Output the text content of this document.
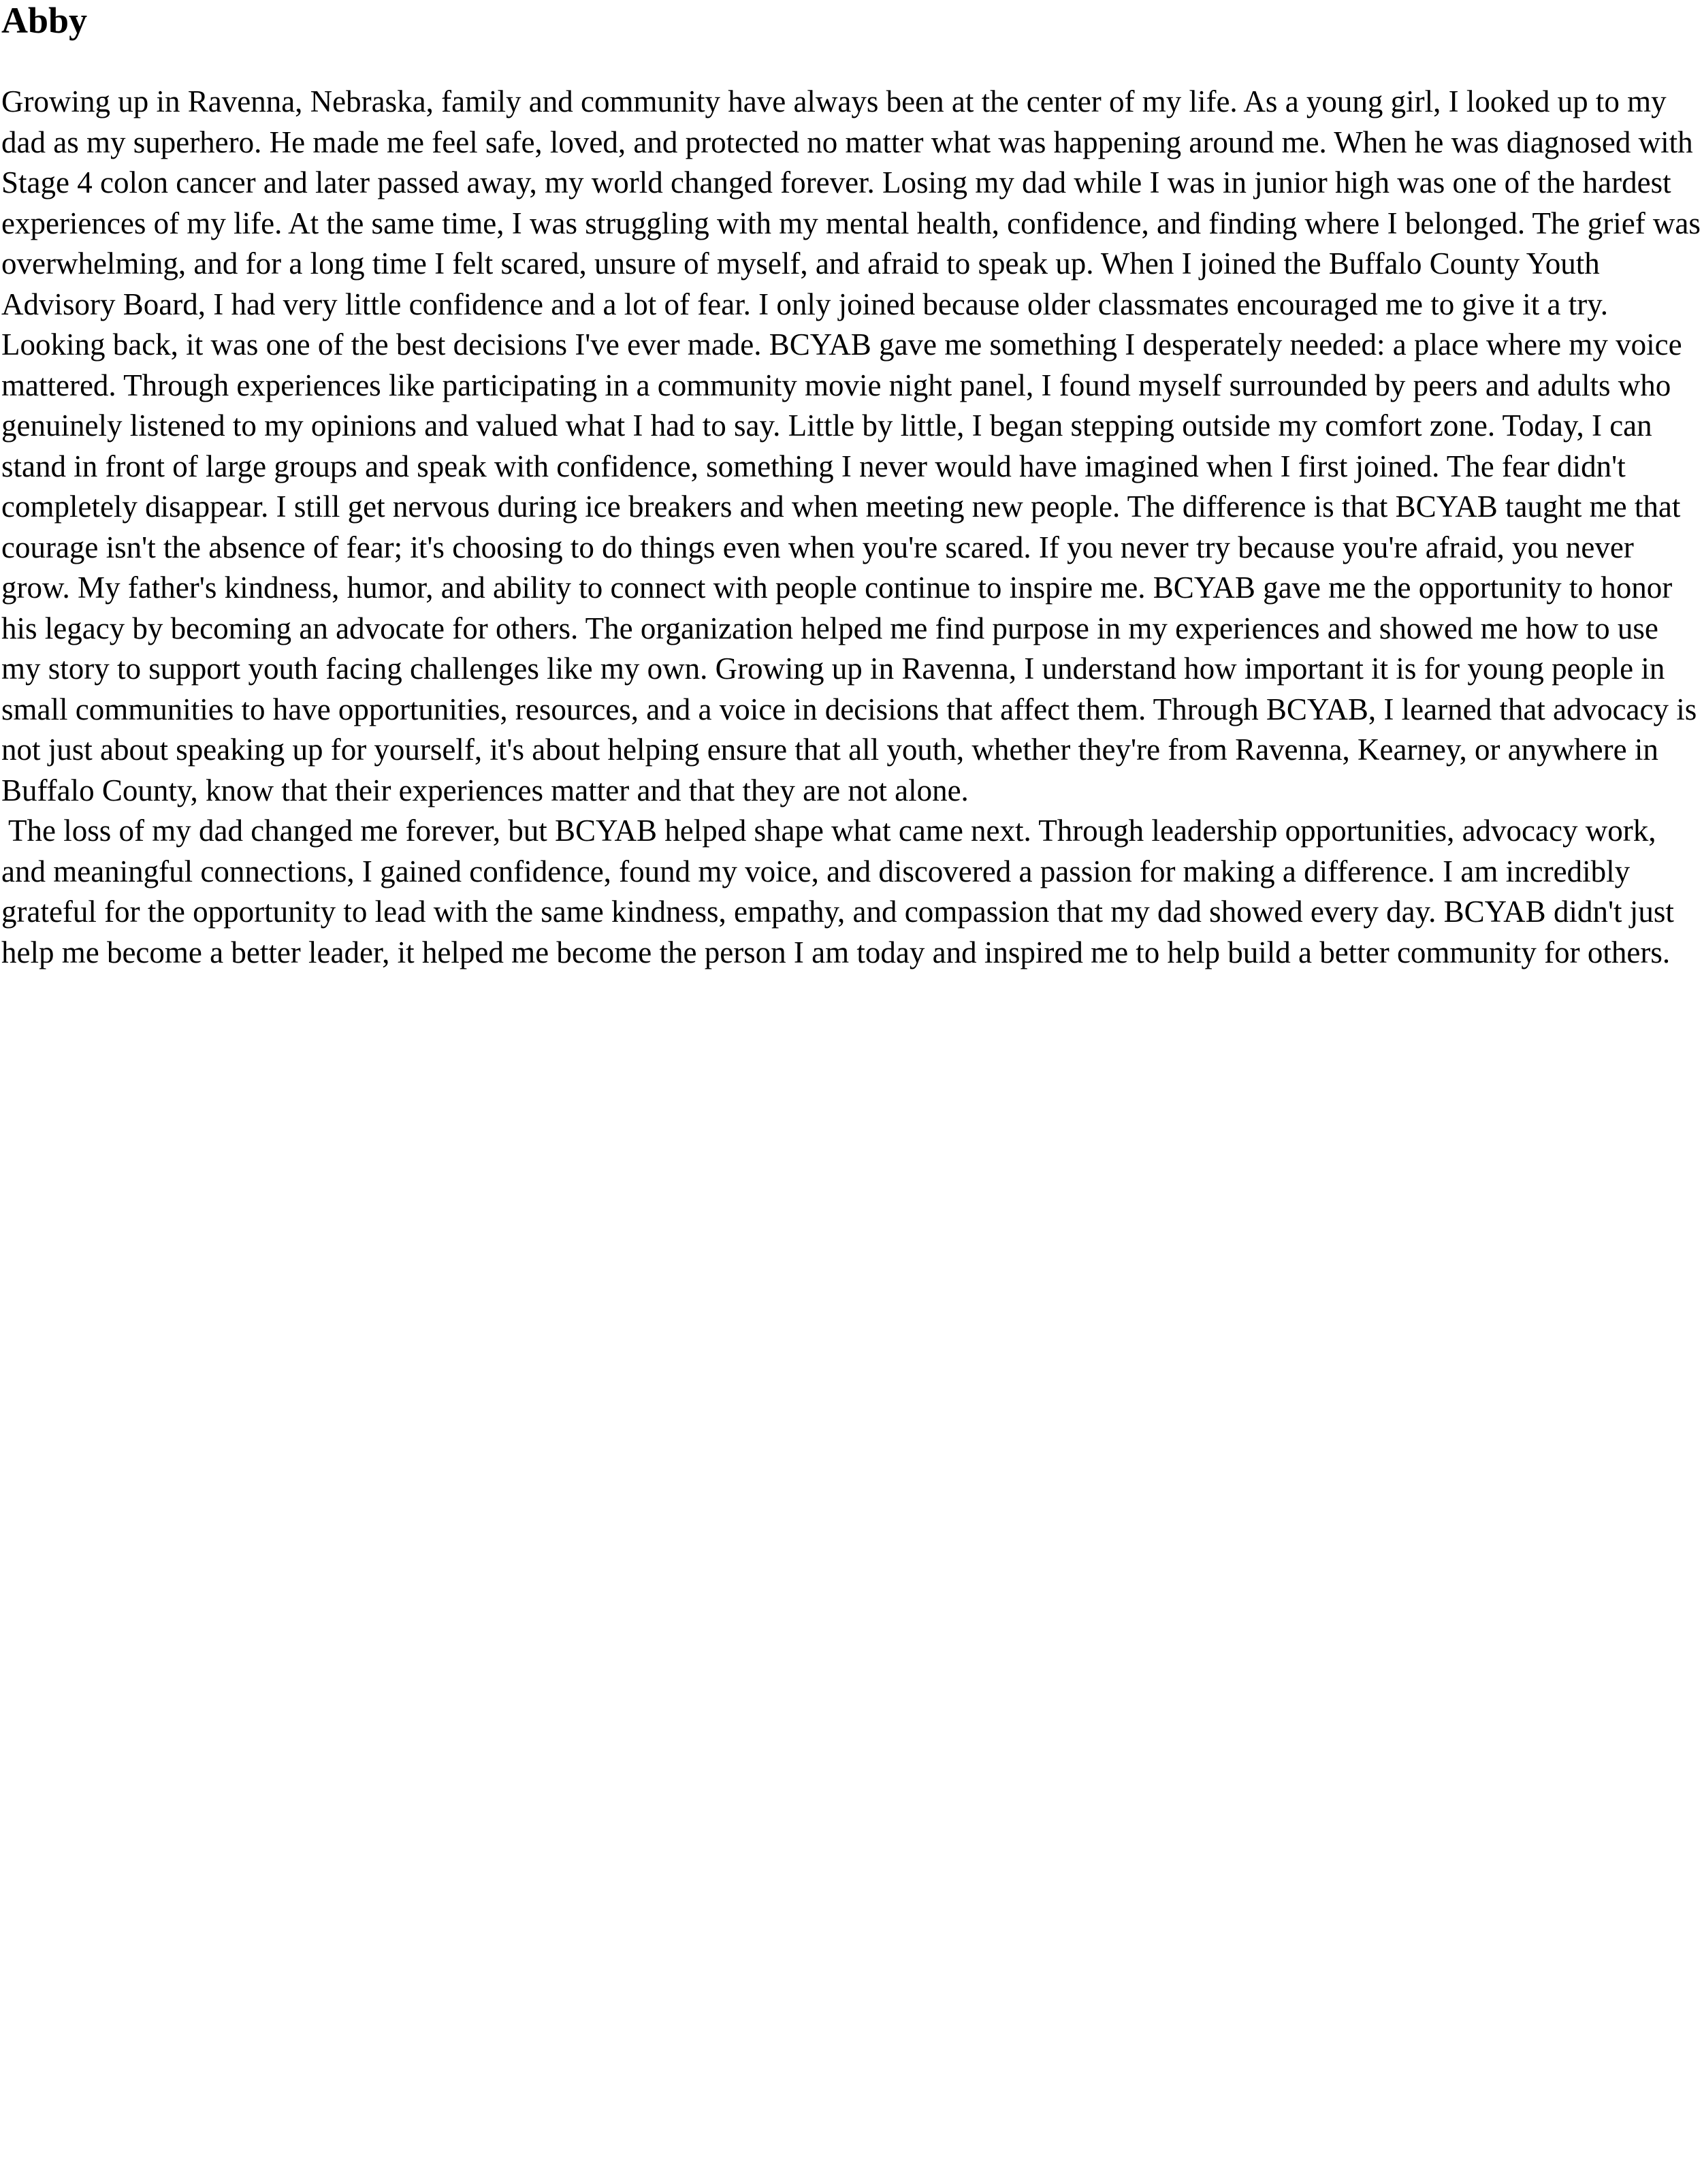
Abby

Growing up in Ravenna, Nebraska, family and community have always been at the center of my life. As a young girl, I looked up to my dad as my superhero. He made me feel safe, loved, and protected no matter what was happening around me. When he was diagnosed with Stage 4 colon cancer and later passed away, my world changed forever. Losing my dad while I was in junior high was one of the hardest experiences of my life. At the same time, I was struggling with my mental health, confidence, and finding where I belonged. The grief was overwhelming, and for a long time I felt scared, unsure of myself, and afraid to speak up. When I joined the Buffalo County Youth Advisory Board, I had very little confidence and a lot of fear. I only joined because older classmates encouraged me to give it a try. Looking back, it was one of the best decisions I've ever made. BCYAB gave me something I desperately needed: a place where my voice mattered. Through experiences like participating in a community movie night panel, I found myself surrounded by peers and adults who genuinely listened to my opinions and valued what I had to say. Little by little, I began stepping outside my comfort zone. Today, I can stand in front of large groups and speak with confidence, something I never would have imagined when I first joined. The fear didn't completely disappear. I still get nervous during ice breakers and when meeting new people. The difference is that BCYAB taught me that courage isn't the absence of fear; it's choosing to do things even when you're scared. If you never try because you're afraid, you never grow. My father's kindness, humor, and ability to connect with people continue to inspire me. BCYAB gave me the opportunity to honor his legacy by becoming an advocate for others. The organization helped me find purpose in my experiences and showed me how to use my story to support youth facing challenges like my own. Growing up in Ravenna, I understand how important it is for young people in small communities to have opportunities, resources, and a voice in decisions that affect them. Through BCYAB, I learned that advocacy is not just about speaking up for yourself, it's about helping ensure that all youth, whether they're from Ravenna, Kearney, or anywhere in Buffalo County, know that their experiences matter and that they are not alone.

The loss of my dad changed me forever, but BCYAB helped shape what came next. Through leadership opportunities, advocacy work, and meaningful connections, I gained confidence, found my voice, and discovered a passion for making a difference. I am incredibly grateful for the opportunity to lead with the same kindness, empathy, and compassion that my dad showed every day. BCYAB didn't just help me become a better leader, it helped me become the person I am today and inspired me to help build a better community for others.
